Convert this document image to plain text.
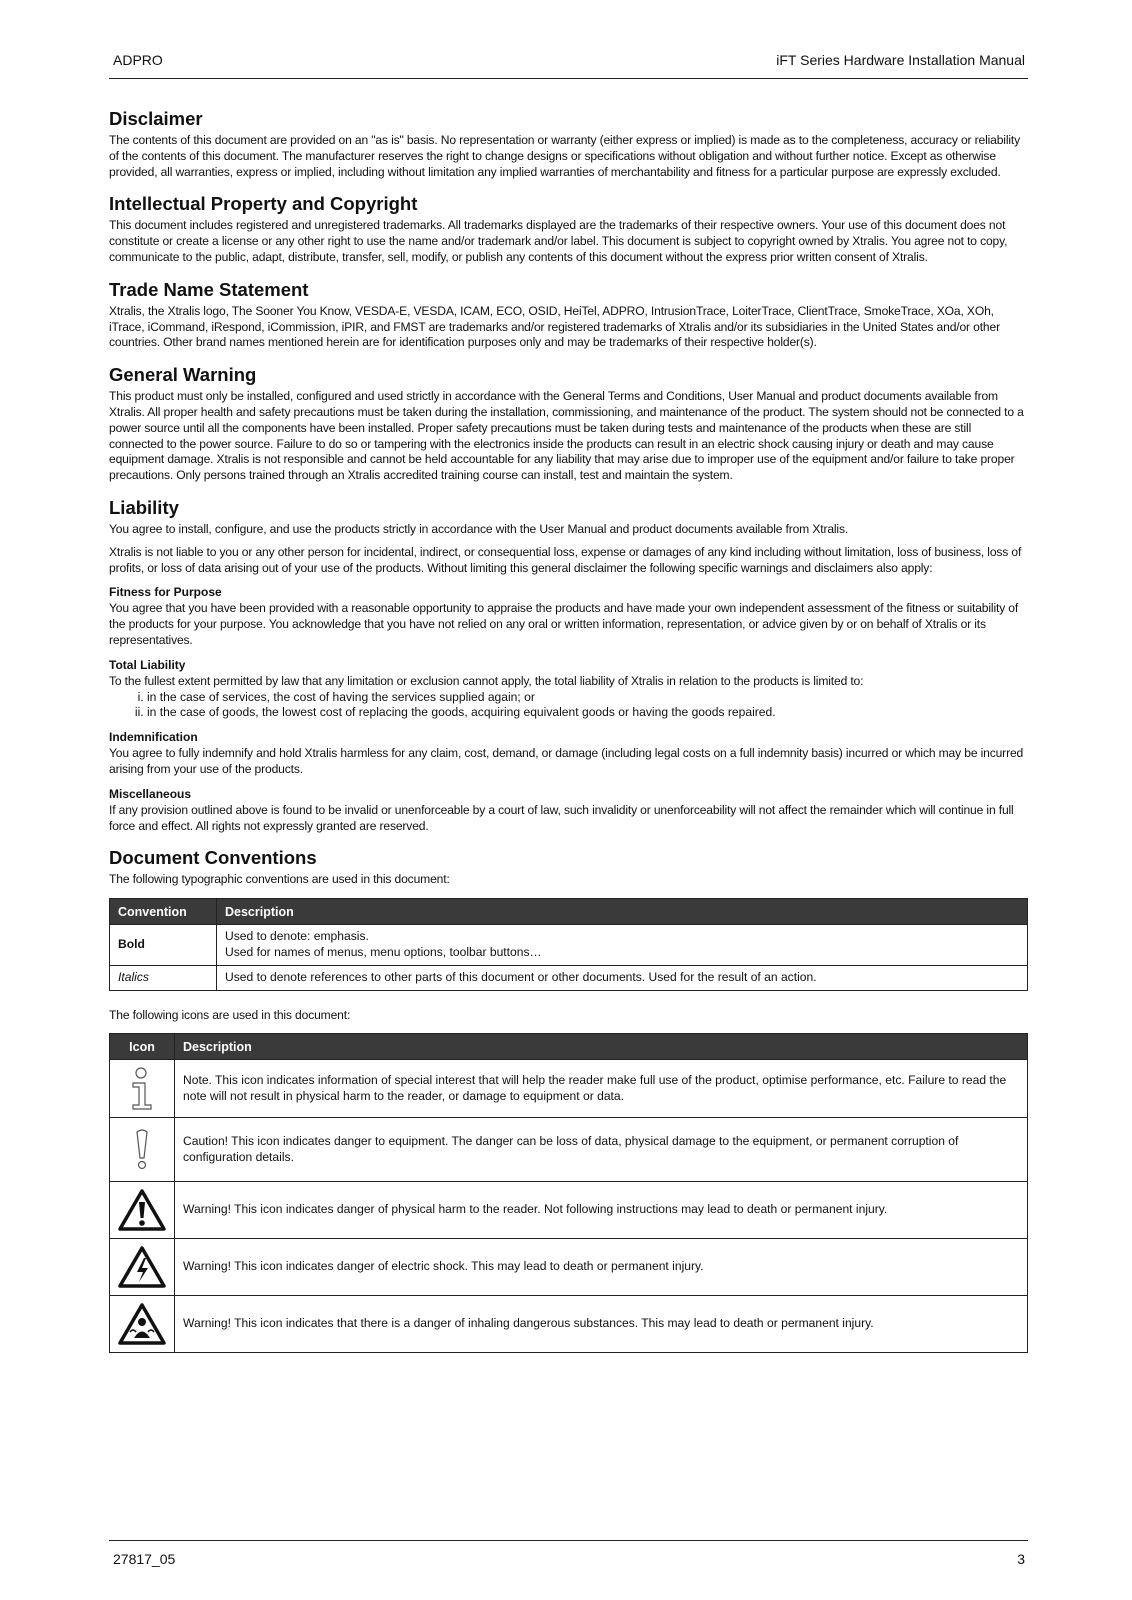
ADPRO	iFT Series Hardware Installation Manual
Disclaimer

The contents of this document are provided on an "as is" basis. No representation or warranty (either express or implied) is made as to the completeness, accuracy or reliability of the contents of this document. The manufacturer reserves the right to change designs or specifications without obligation and without further notice. Except as otherwise provided, all warranties, express or implied, including without limitation any implied warranties of merchantability and fitness for a particular purpose are expressly excluded.

Intellectual Property and Copyright

This document includes registered and unregistered trademarks. All trademarks displayed are the trademarks of their respective owners. Your use of this document does not constitute or create a license or any other right to use the name and/or trademark and/or label. This document is subject to copyright owned by Xtralis. You agree not to copy, communicate to the public, adapt, distribute, transfer, sell, modify, or publish any contents of this document without the express prior written consent of Xtralis.

Trade Name Statement

Xtralis, the Xtralis logo, The Sooner You Know, VESDA-E, VESDA, ICAM, ECO, OSID, HeiTel, ADPRO, IntrusionTrace, LoiterTrace, ClientTrace, SmokeTrace, XOa, XOh, iTrace, iCommand, iRespond, iCommission, iPIR, and FMST are trademarks and/or registered trademarks of Xtralis and/or its subsidiaries in the United States and/or other countries. Other brand names mentioned herein are for identification purposes only and may be trademarks of their respective holder(s).

General Warning

This product must only be installed, configured and used strictly in accordance with the General Terms and Conditions, User Manual and product documents available from Xtralis. All proper health and safety precautions must be taken during the installation, commissioning, and maintenance of the product. The system should not be connected to a power source until all the components have been installed. Proper safety precautions must be taken during tests and maintenance of the products when these are still connected to the power source. Failure to do so or tampering with the electronics inside the products can result in an electric shock causing injury or death and may cause equipment damage. Xtralis is not responsible and cannot be held accountable for any liability that may arise due to improper use of the equipment and/or failure to take proper precautions. Only persons trained through an Xtralis accredited training course can install, test and maintain the system.

Liability

You agree to install, configure, and use the products strictly in accordance with the User Manual and product documents available from Xtralis.

Xtralis is not liable to you or any other person for incidental, indirect, or consequential loss, expense or damages of any kind including without limitation, loss of business, loss of profits, or loss of data arising out of your use of the products. Without limiting this general disclaimer the following specific warnings and disclaimers also apply:

Fitness for Purpose

You agree that you have been provided with a reasonable opportunity to appraise the products and have made your own independent assessment of the fitness or suitability of the products for your purpose. You acknowledge that you have not relied on any oral or written information, representation, or advice given by or on behalf of Xtralis or its representatives.

Total Liability

To the fullest extent permitted by law that any limitation or exclusion cannot apply, the total liability of Xtralis in relation to the products is limited to:

i. in the case of services, the cost of having the services supplied again; or
ii. in the case of goods, the lowest cost of replacing the goods, acquiring equivalent goods or having the goods repaired.
Indemnification

You agree to fully indemnify and hold Xtralis harmless for any claim, cost, demand, or damage (including legal costs on a full indemnity basis) incurred or which may be incurred arising from your use of the products.

Miscellaneous

If any provision outlined above is found to be invalid or unenforceable by a court of law, such invalidity or unenforceability will not affect the remainder which will continue in full force and effect. All rights not expressly granted are reserved.

Document Conventions

The following typographic conventions are used in this document:

Convention	Description
Bold	Used to denote: emphasis.
Used for names of menus, menu options, toolbar buttons…

Italics	Used to denote references to other parts of this document or other documents. Used for the result of an action.

The following icons are used in this document:

Icon	Description

	Note. This icon indicates information of special interest that will help the reader make full use of the product, optimise performance, etc. Failure to read the note will not result in physical harm to the reader, or damage to equipment or data.

	Caution! This icon indicates danger to equipment. The danger can be loss of data, physical damage to the equipment, or permanent corruption of configuration details.

	Warning! This icon indicates danger of physical harm to the reader. Not following instructions may lead to death or permanent injury.

	Warning! This icon indicates danger of electric shock. This may lead to death or permanent injury.

	Warning! This icon indicates that there is a danger of inhaling dangerous substances. This may lead to death or permanent injury.
27817_05	3
